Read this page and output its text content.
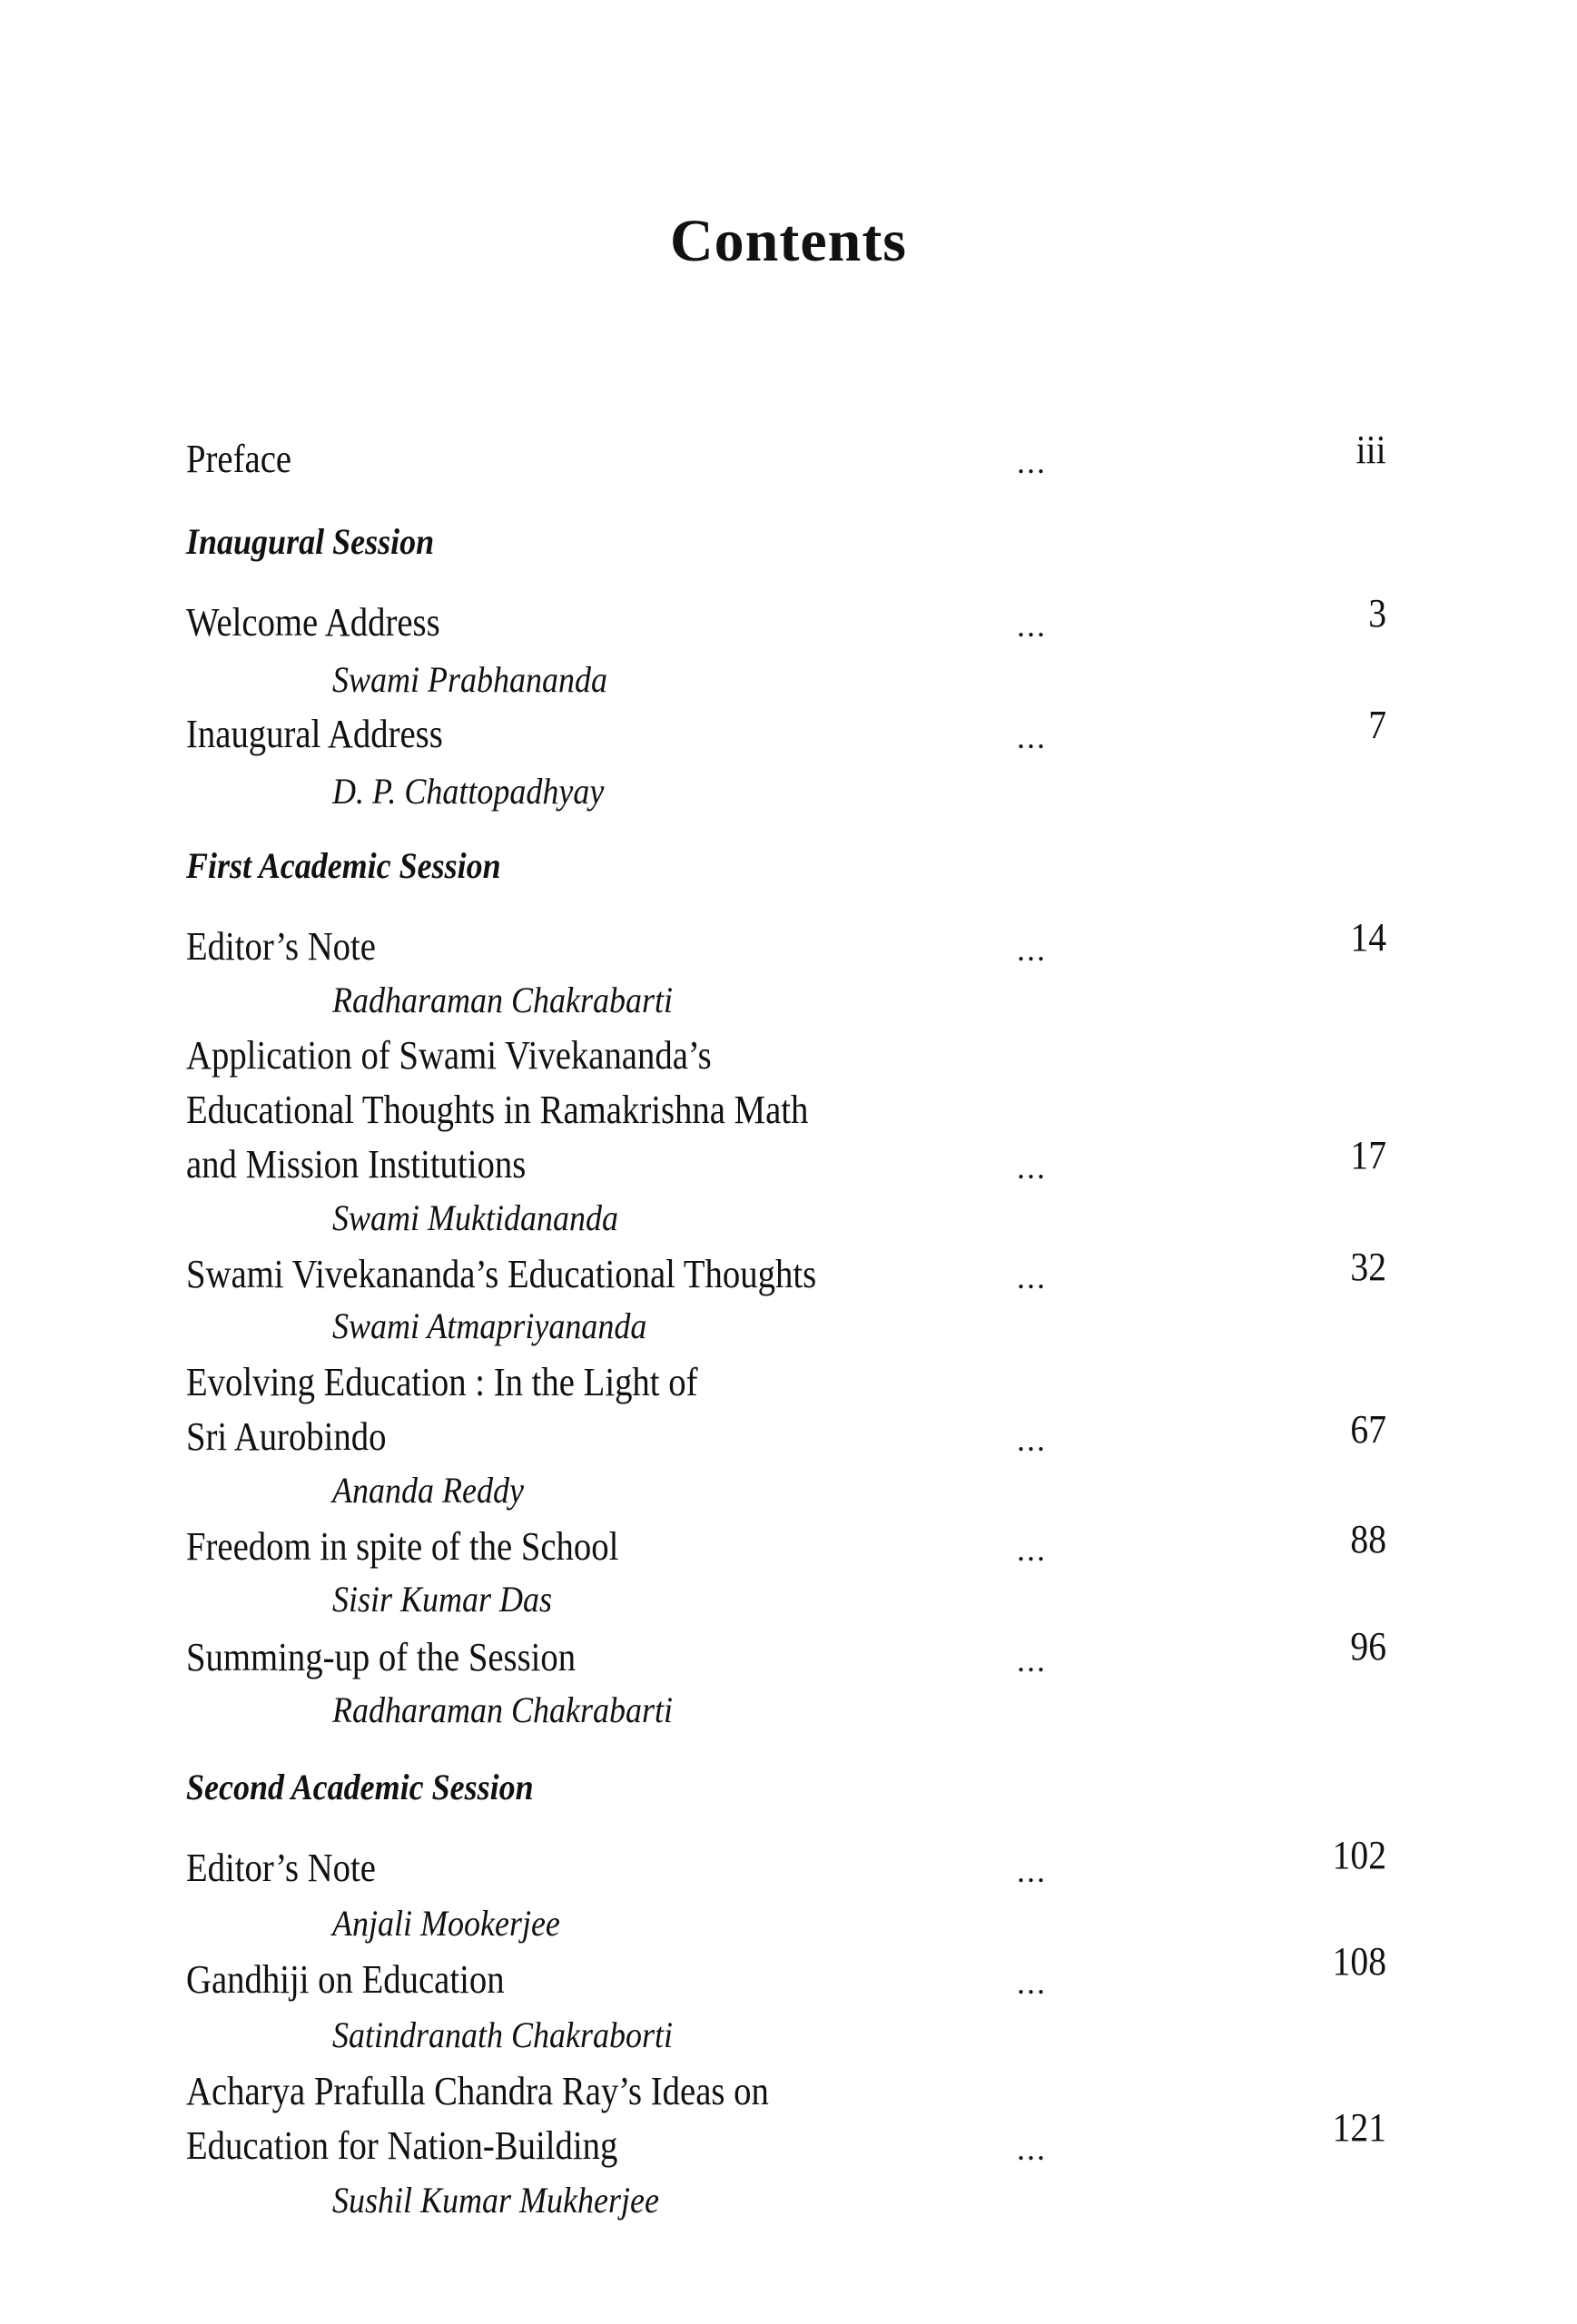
Contents
Preface	...	iii
Inaugural Session
Welcome Address	...	3
Swami Prabhananda
Inaugural Address	...	7
D. P. Chattopadhyay
First Academic Session
Editor’s Note	...	14
Radharaman Chakrabarti
Application of Swami Vivekananda’s
Educational Thoughts in Ramakrishna Math
and Mission Institutions	...	17
Swami Muktidananda
Swami Vivekananda’s Educational Thoughts	...	32
Swami Atmapriyananda
Evolving Education : In the Light of
Sri Aurobindo	...	67
Ananda Reddy
Freedom in spite of the School	...	88
Sisir Kumar Das
Summing-up of the Session	...	96
Radharaman Chakrabarti
Second Academic Session
Editor’s Note	...	102
Anjali Mookerjee
Gandhiji on Education	...	108
Satindranath Chakraborti
Acharya Prafulla Chandra Ray’s Ideas on
Education for Nation-Building	...	121
Sushil Kumar Mukherjee
